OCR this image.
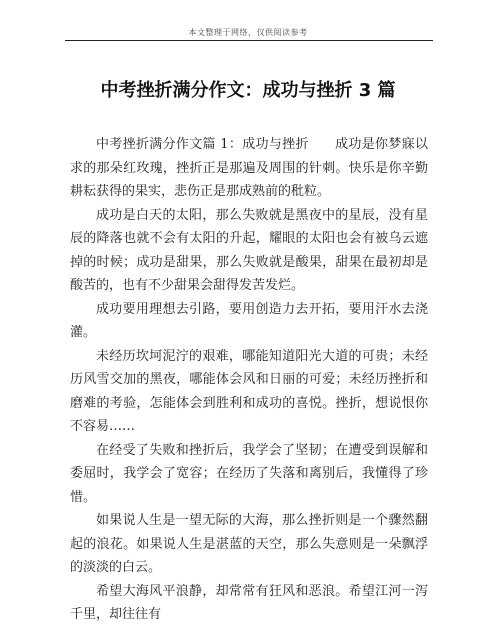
本文整理于网络，仅供阅读参考
中考挫折满分作文：成功与挫折 3 篇

中考挫折满分作文篇 1：成功与挫折 成功是你梦寐以求的那朵红玫瑰，挫折正是那遍及周围的针刺。快乐是你辛勤耕耘获得的果实，悲伤正是那成熟前的秕粒。

成功是白天的太阳，那么失败就是黑夜中的星辰，没有星辰的降落也就不会有太阳的升起，耀眼的太阳也会有被乌云遮掉的时候；成功是甜果，那么失败就是酸果，甜果在最初却是酸苦的，也有不少甜果会甜得发苦发烂。

成功要用理想去引路，要用创造力去开拓，要用汗水去浇灌。

未经历坎坷泥泞的艰难，哪能知道阳光大道的可贵；未经历风雪交加的黑夜，哪能体会风和日丽的可爱；未经历挫折和磨难的考验，怎能体会到胜利和成功的喜悦。挫折，想说恨你不容易……

在经受了失败和挫折后，我学会了坚韧；在遭受到误解和委屈时，我学会了宽容；在经历了失落和离别后，我懂得了珍惜。

如果说人生是一望无际的大海，那么挫折则是一个骤然翻起的浪花。如果说人生是湛蓝的天空，那么失意则是一朵飘浮的淡淡的白云。

希望大海风平浪静，却常常有狂风和恶浪。希望江河一泻千里，却往往有
